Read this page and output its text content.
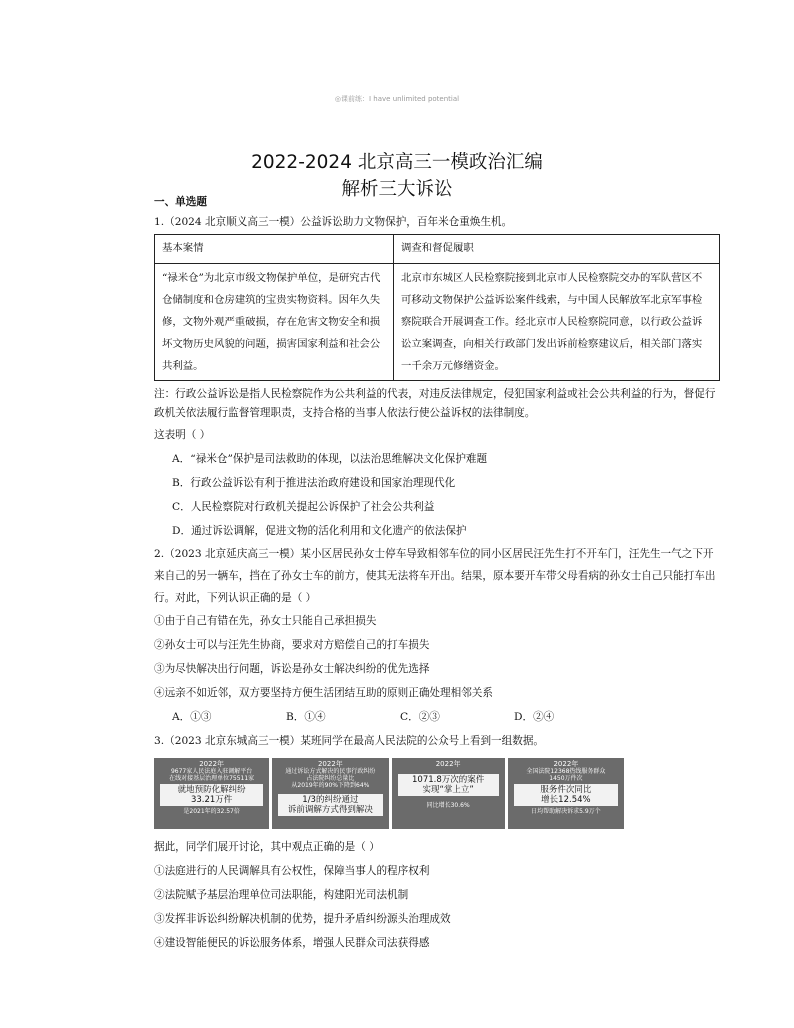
◎课前练：I have unlimited potential
2022-2024 北京高三一模政治汇编
解析三大诉讼
一、单选题

1.（2024 北京顺义高三一模）公益诉讼助力文物保护，百年米仓重焕生机。

基本案情	调查和督促履职
“禄米仓”为北京市级文物保护单位，是研究古代仓储制度和仓房建筑的宝贵实物资料。因年久失修，文物外观严重破损，存在危害文物安全和损坏文物历史风貌的问题，损害国家利益和社会公共利益。	北京市东城区人民检察院接到北京市人民检察院交办的军队营区不可移动文物保护公益诉讼案件线索，与中国人民解放军北京军事检察院联合开展调查工作。经北京市人民检察院同意，以行政公益诉讼立案调查，向相关行政部门发出诉前检察建议后，相关部门落实一千余万元修缮资金。

注：行政公益诉讼是指人民检察院作为公共利益的代表，对违反法律规定，侵犯国家利益或社会公共利益的行为，督促行政机关依法履行监督管理职责，支持合格的当事人依法行使公益诉权的法律制度。

这表明（ ）

A．“禄米仓”保护是司法救助的体现，以法治思维解决文化保护难题

B．行政公益诉讼有利于推进法治政府建设和国家治理现代化

C．人民检察院对行政机关提起公诉保护了社会公共利益

D．通过诉讼调解，促进文物的活化利用和文化遗产的依法保护

2.（2023 北京延庆高三一模）某小区居民孙女士停车导致相邻车位的同小区居民汪先生打不开车门，汪先生一气之下开来自己的另一辆车，挡在了孙女士车的前方，使其无法将车开出。结果，原本要开车带父母看病的孙女士自己只能打车出行。对此，下列认识正确的是（ ）

①由于自己有错在先，孙女士只能自己承担损失

②孙女士可以与汪先生协商，要求对方赔偿自己的打车损失

③为尽快解决出行问题，诉讼是孙女士解决纠纷的优先选择

④远亲不如近邻，双方要坚持方便生活团结互助的原则正确处理相邻关系

A．①③	B．①④	C．②③	D．②④

3.（2023 北京东城高三一模）某班同学在最高人民法院的公众号上看到一组数据。

2022年
9677家人民法庭入驻调解平台
在线对接基层治理单位75511家
就地预防化解纠纷
33.21万件
是2021年的32.57倍
2022年
通过诉讼方式解决的民事行政纠纷
占法院纠纷总量比
从2019年的90%下降到64%
1/3的纠纷通过
诉前调解方式得到解决
2022年
1071.8万次的案件
实现“掌上立”
同比增长30.6%
2022年
全国法院12368热线服务群众
1450万件次
服务件次同比
增长12.54%
日均帮助解决诉求5.9万个

据此，同学们展开讨论，其中观点正确的是（ ）

①法庭进行的人民调解具有公权性，保障当事人的程序权利

②法院赋予基层治理单位司法职能，构建阳光司法机制

③发挥非诉讼纠纷解决机制的优势，提升矛盾纠纷源头治理成效

④建设智能便民的诉讼服务体系，增强人民群众司法获得感
